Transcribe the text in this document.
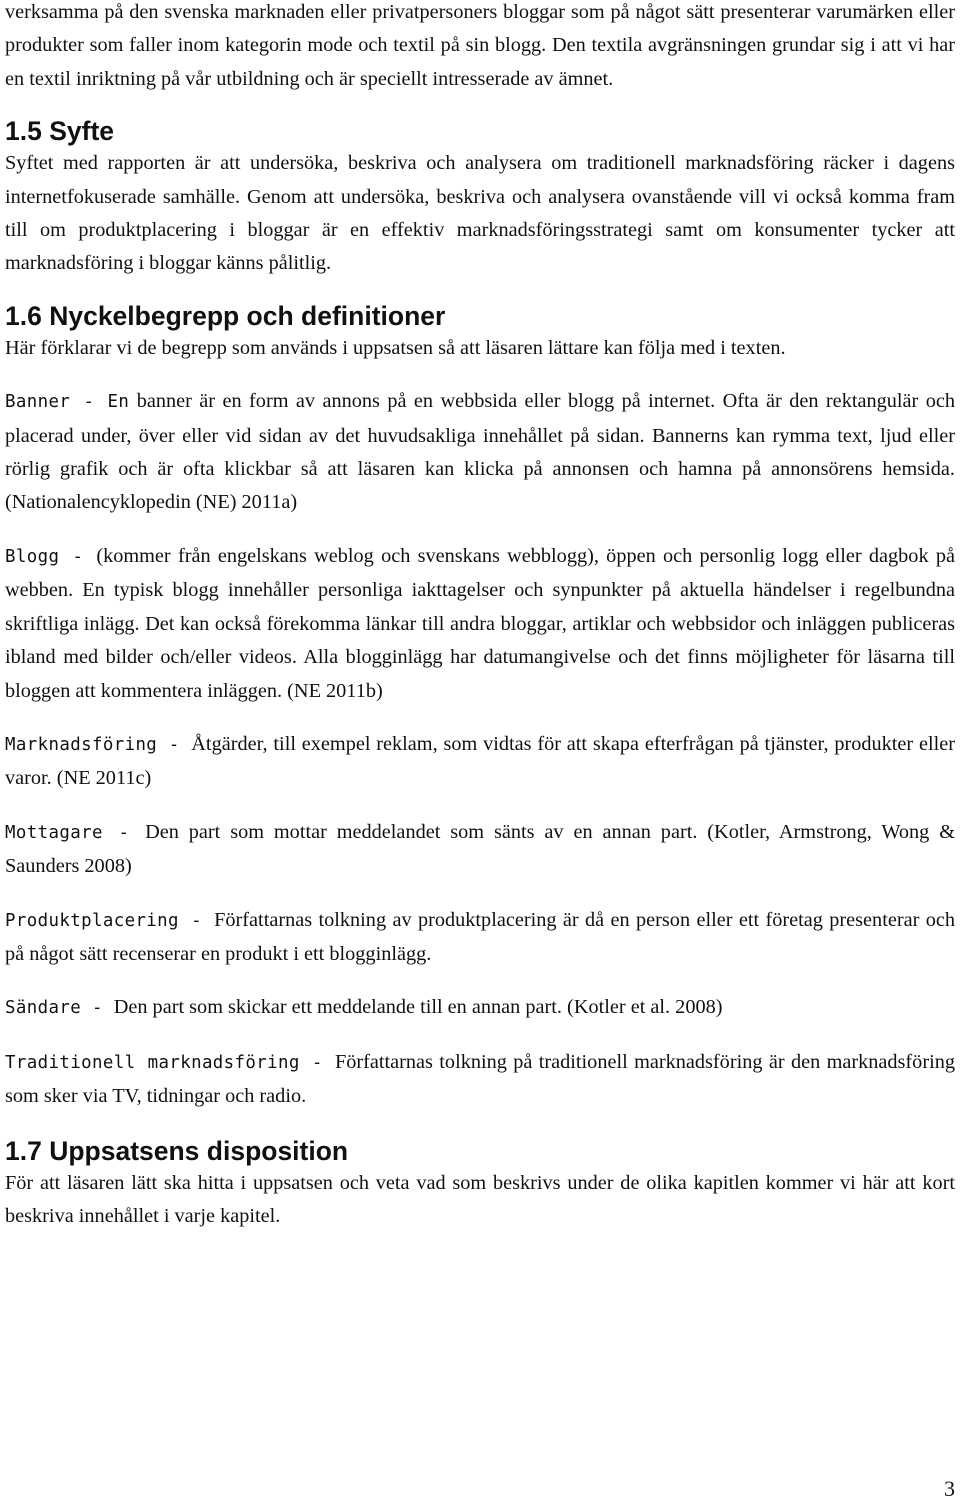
verksamma på den svenska marknaden eller privatpersoners bloggar som på något sätt presenterar varumärken eller produkter som faller inom kategorin mode och textil på sin blogg. Den textila avgränsningen grundar sig i att vi har en textil inriktning på vår utbildning och är speciellt intresserade av ämnet.

1.5 Syfte

Syftet med rapporten är att undersöka, beskriva och analysera om traditionell marknadsföring räcker i dagens internetfokuserade samhälle. Genom att undersöka, beskriva och analysera ovanstående vill vi också komma fram till om produktplacering i bloggar är en effektiv marknadsföringsstrategi samt om konsumenter tycker att marknadsföring i bloggar känns pålitlig.

1.6 Nyckelbegrepp och definitioner

Här förklarar vi de begrepp som används i uppsatsen så att läsaren lättare kan följa med i texten.

Banner - En banner är en form av annons på en webbsida eller blogg på internet. Ofta är den rektangulär och placerad under, över eller vid sidan av det huvudsakliga innehållet på sidan. Bannerns kan rymma text, ljud eller rörlig grafik och är ofta klickbar så att läsaren kan klicka på annonsen och hamna på annonsörens hemsida. (Nationalencyklopedin (NE) 2011a)

Blogg - (kommer från engelskans weblog och svenskans webblogg), öppen och personlig logg eller dagbok på webben. En typisk blogg innehåller personliga iakttagelser och synpunkter på aktuella händelser i regelbundna skriftliga inlägg. Det kan också förekomma länkar till andra bloggar, artiklar och webbsidor och inläggen publiceras ibland med bilder och/eller videos. Alla blogginlägg har datumangivelse och det finns möjligheter för läsarna till bloggen att kommentera inläggen. (NE 2011b)

Marknadsföring - Åtgärder, till exempel reklam, som vidtas för att skapa efterfrågan på tjänster, produkter eller varor. (NE 2011c)

Mottagare - Den part som mottar meddelandet som sänts av en annan part. (Kotler, Armstrong, Wong & Saunders 2008)

Produktplacering - Författarnas tolkning av produktplacering är då en person eller ett företag presenterar och på något sätt recenserar en produkt i ett blogginlägg.

Sändare - Den part som skickar ett meddelande till en annan part. (Kotler et al. 2008)

Traditionell marknadsföring - Författarnas tolkning på traditionell marknadsföring är den marknadsföring som sker via TV, tidningar och radio.

1.7 Uppsatsens disposition

För att läsaren lätt ska hitta i uppsatsen och veta vad som beskrivs under de olika kapitlen kommer vi här att kort beskriva innehållet i varje kapitel.

3
